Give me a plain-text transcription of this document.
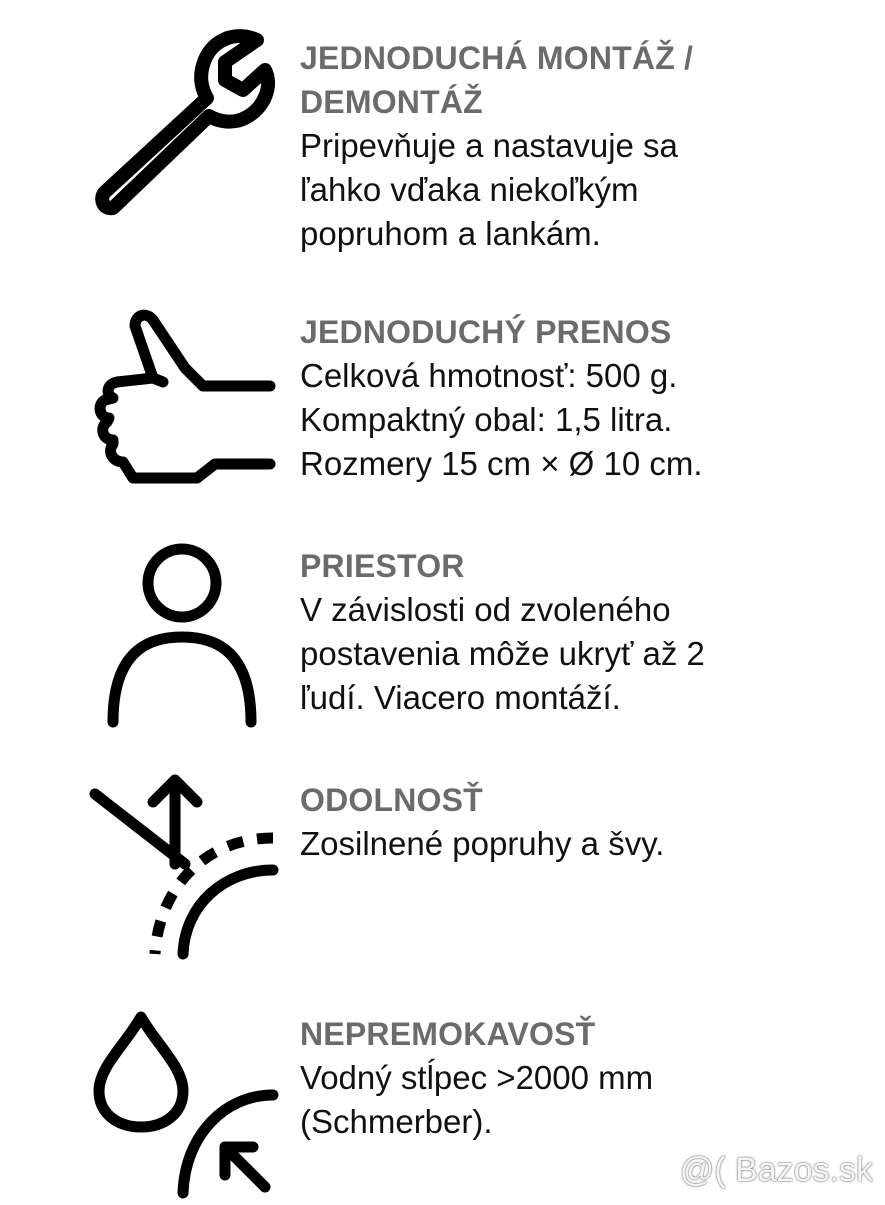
JEDNODUCHÁ MONTÁŽ /
DEMONTÁŽ

Pripevňuje a nastavuje sa
ľahko vďaka niekoľkým
popruhom a lankám.

JEDNODUCHÝ PRENOS

Celková hmotnosť: 500 g.
Kompaktný obal: 1,5 litra.
Rozmery 15 cm × Ø 10 cm.

PRIESTOR

V závislosti od zvoleného
postavenia môže ukryť až 2
ľudí. Viacero montáží.

ODOLNOSŤ

Zosilnené popruhy a švy.

NEPREMOKAVOSŤ

Vodný stĺpec >2000 mm
(Schmerber).

@( Bazos.sk
